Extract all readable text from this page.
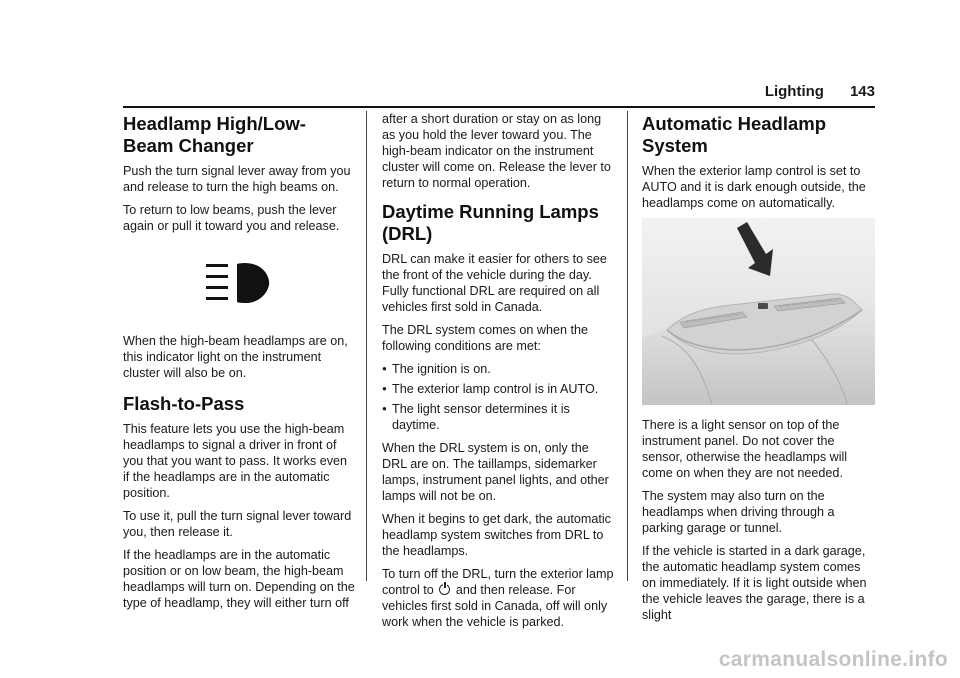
Lighting 143
Headlamp High/Low-Beam Changer

Push the turn signal lever away from you and release to turn the high beams on.

To return to low beams, push the lever again or pull it toward you and release.

When the high-beam headlamps are on, this indicator light on the instrument cluster will also be on.

Flash-to-Pass

This feature lets you use the high-beam headlamps to signal a driver in front of you that you want to pass. It works even if the headlamps are in the automatic position.

To use it, pull the turn signal lever toward you, then release it.

If the headlamps are in the automatic position or on low beam, the high-beam headlamps will turn on. Depending on the type of headlamp, they will either turn off

after a short duration or stay on as long as you hold the lever toward you. The high-beam indicator on the instrument cluster will come on. Release the lever to return to normal operation.

Daytime Running Lamps (DRL)

DRL can make it easier for others to see the front of the vehicle during the day. Fully functional DRL are required on all vehicles first sold in Canada.

The DRL system comes on when the following conditions are met:

● The ignition is on.
● The exterior lamp control is in AUTO.
● The light sensor determines it is daytime.

When the DRL system is on, only the DRL are on. The taillamps, sidemarker lamps, instrument panel lights, and other lamps will not be on.

When it begins to get dark, the automatic headlamp system switches from DRL to the headlamps.

To turn off the DRL, turn the exterior lamp control to and then release. For vehicles first sold in Canada, off will only work when the vehicle is parked.

Automatic Headlamp System

When the exterior lamp control is set to AUTO and it is dark enough outside, the headlamps come on automatically.

There is a light sensor on top of the instrument panel. Do not cover the sensor, otherwise the headlamps will come on when they are not needed.

The system may also turn on the headlamps when driving through a parking garage or tunnel.

If the vehicle is started in a dark garage, the automatic headlamp system comes on immediately. If it is light outside when the vehicle leaves the garage, there is a slight

carmanualsonline.info
